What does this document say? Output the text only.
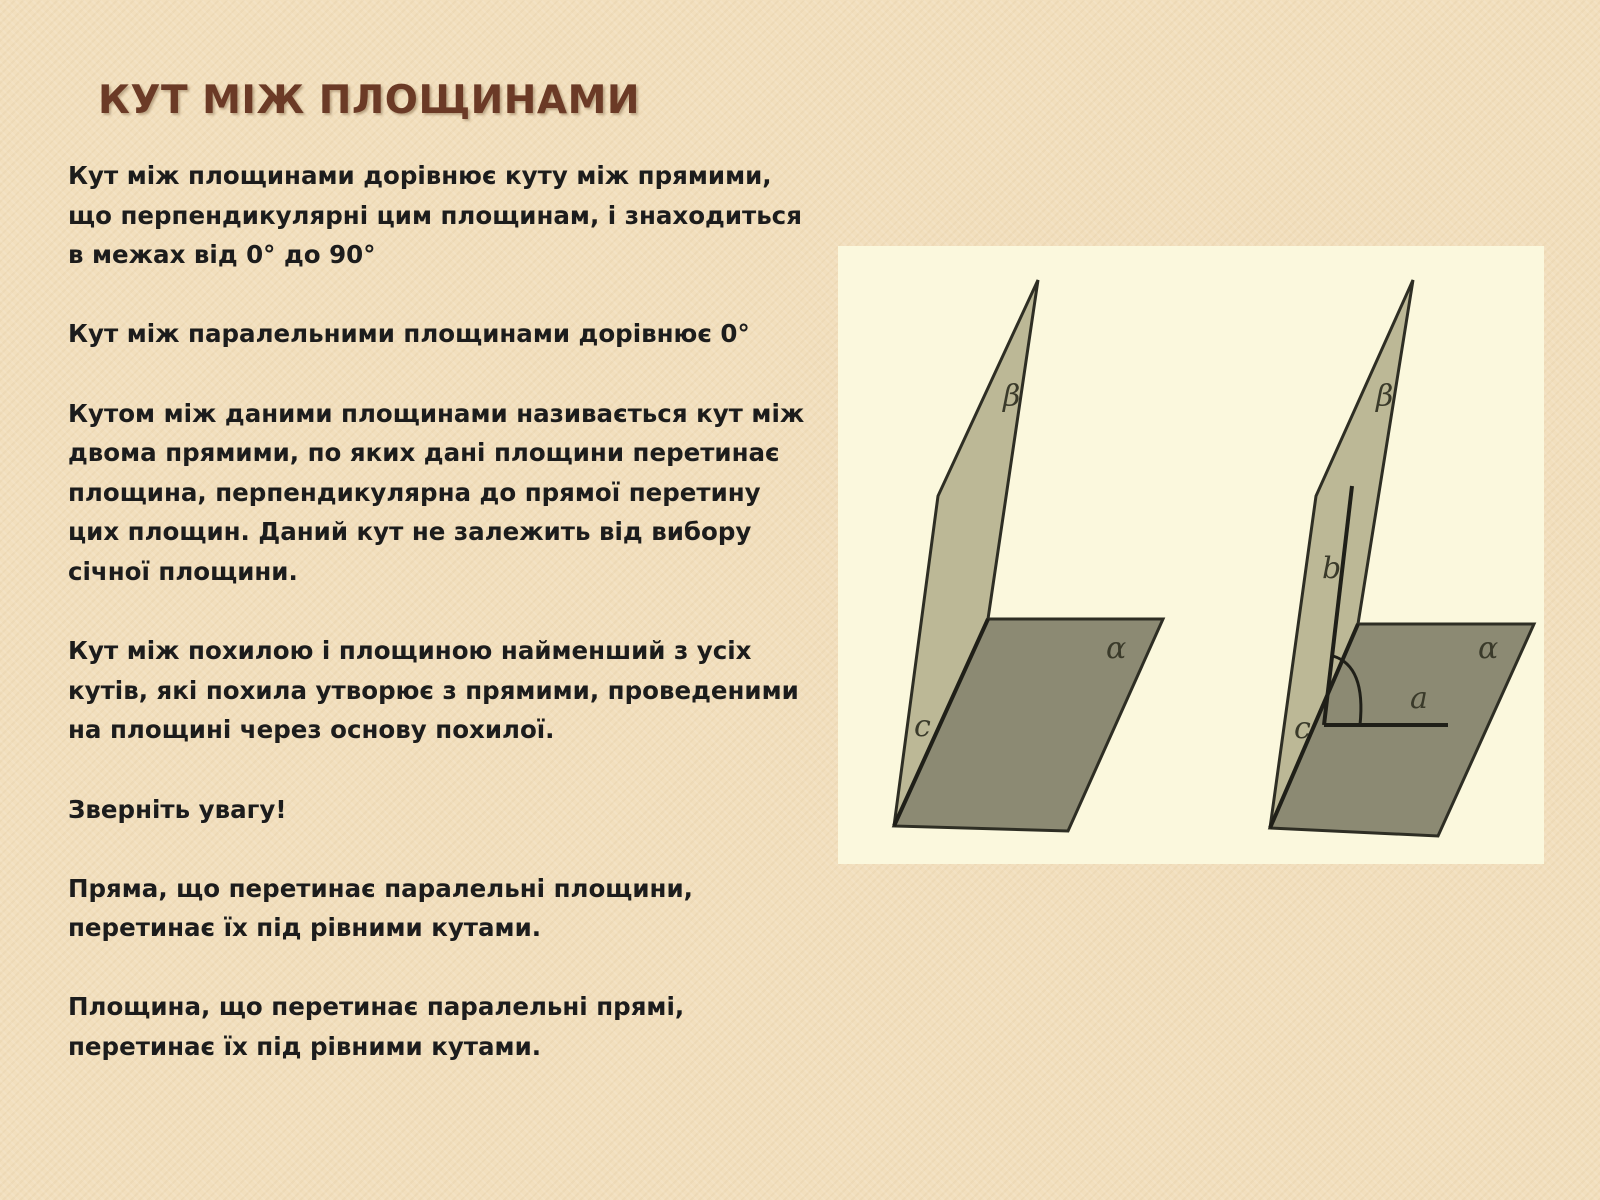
КУТ МІЖ ПЛОЩИНАМИ

Кут між площинами дорівнює куту між прямими, що перпендикулярні цим площинам, і знаходиться в межах від 0° до 90°

Кут між паралельними площинами дорівнює 0°

Кутом між даними площинами називається кут між двома прямими, по яких дані площини перетинає площина, перпендикулярна до прямої перетину цих площин. Даний кут не залежить від вибору січної площини.

Кут між похилою і площиною найменший з усіх кутів, які похила утворює з прямими, проведеними на площині через основу похилої.

Зверніть увагу!

Пряма, що перетинає паралельні площини, перетинає їх під рівними кутами.

Площина, що перетинає паралельні прямі, перетинає їх під рівними кутами.

β
α
c
β
α
c
b
a
